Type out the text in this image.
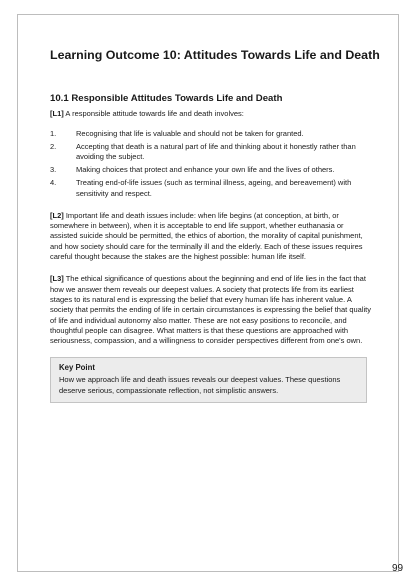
Learning Outcome 10: Attitudes Towards Life and Death
10.1 Responsible Attitudes Towards Life and Death

[L1] A responsible attitude towards life and death involves:

1.	Recognising that life is valuable and should not be taken for granted.
2.	Accepting that death is a natural part of life and thinking about it honestly rather than avoiding the subject.
3.	Making choices that protect and enhance your own life and the lives of others.
4.	Treating end-of-life issues (such as terminal illness, ageing, and bereavement) with sensitivity and respect.

[L2] Important life and death issues include: when life begins (at conception, at birth, or somewhere in between), when it is acceptable to end life support, whether euthanasia or assisted suicide should be permitted, the ethics of abortion, the morality of capital punishment, and how society should care for the terminally ill and the elderly. Each of these issues requires careful thought because the stakes are the highest possible: human life itself.

[L3] The ethical significance of questions about the beginning and end of life lies in the fact that how we answer them reveals our deepest values. A society that protects life from its earliest stages to its natural end is expressing the belief that every human life has inherent value. A society that permits the ending of life in certain circumstances is expressing the belief that quality of life and individual autonomy also matter. These are not easy positions to reconcile, and thoughtful people can disagree. What matters is that these questions are approached with seriousness, compassion, and a willingness to consider perspectives different from one's own.

Key Point
How we approach life and death issues reveals our deepest values. These questions deserve serious, compassionate reflection, not simplistic answers.
99
